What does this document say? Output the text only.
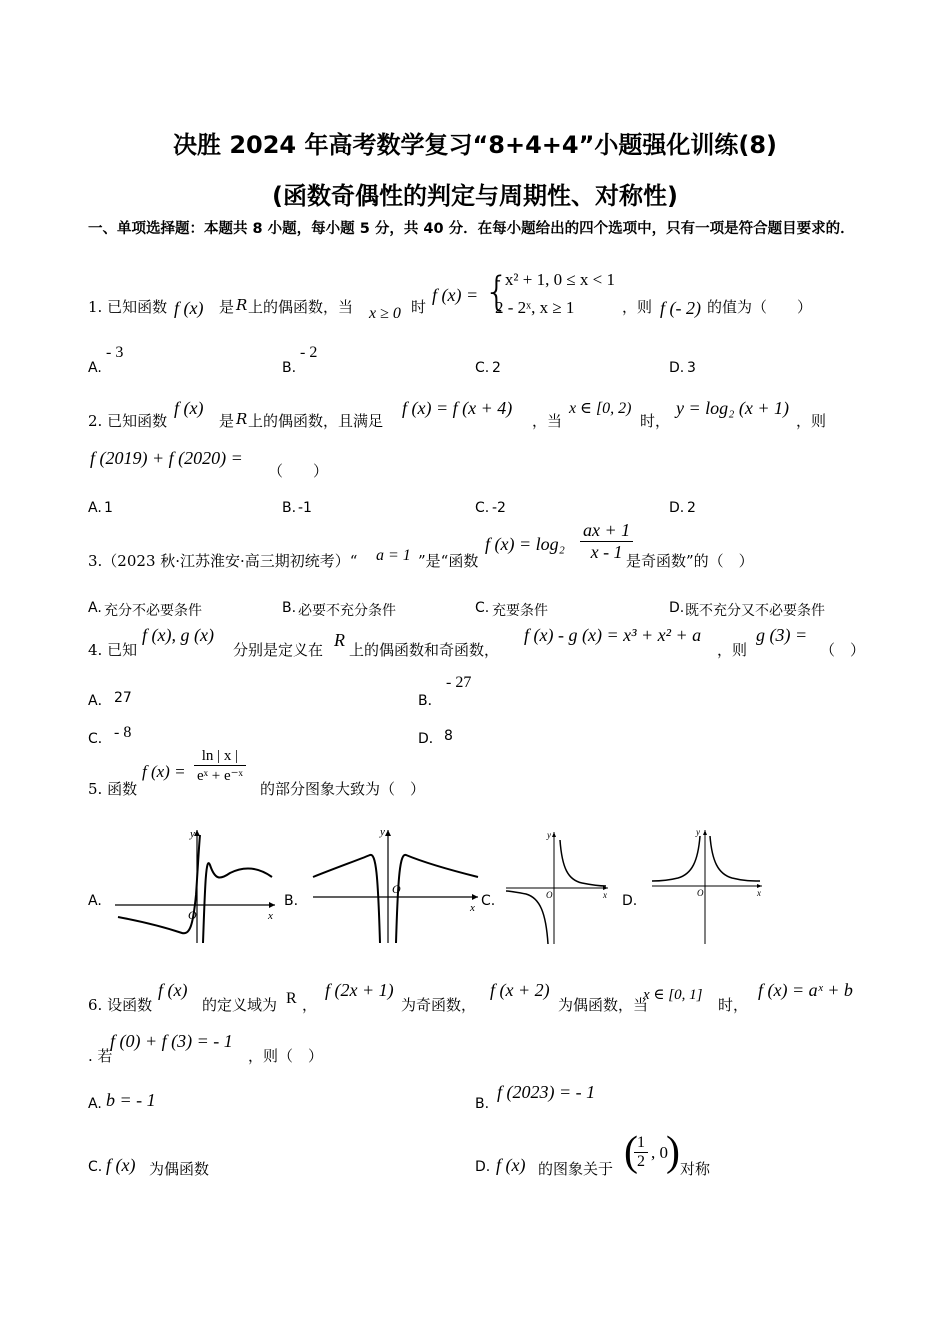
决胜 2024 年高考数学复习“8+4+4”小题强化训练(8)
(函数奇偶性的判定与周期性、对称性)
一、单项选择题：本题共 8 小题，每小题 5 分，共 40 分．在每小题给出的四个选项中，只有一项是符合题目要求的．
1. 已知函数 f (x) 是 R 上的偶函数，当 x ≥ 0 时
f (x) = {
- x² + 1, 0 ≤ x < 1
2 - 2ˣ, x ≥ 1	，则 f (- 2) 的值为（　　）
A.
- 3
B.
- 2
C. 2	D. 3
2. 已知函数
f (x)
是 R 上的偶函数，且满足
f (x) = f (x + 4)
，当
x ∈ [0, 2)
时，
y = log₂ (x + 1)
，则
f (2019) + f (2020) =
（　　）
A. 1	B. -1	C. -2	D. 2
3.（2023 秋·江苏淮安·高三期初统考）“ a = 1 ”是“函数
f $(x) = \log_2 \frac{ax + 1}{x - 1}$
是奇函数”的（　）
A. 充分不必要条件	B. 必要不充分条件	C. 充要条件	D. 既不充分又不必要条件
4. 已知
f (x), g (x)
分别是定义在 R 上的偶函数和奇函数，
f (x) - g (x) = x³ + x² + a
，则
g (3) =
（　）
A． 27	B．
- 27
C． - 8	D． 8
5. 函数
f $(x) = \frac{\ln | x |}{\text{eˣ + e⁻ˣ}}$
的部分图象大致为（　）
A.	B.	C.	D.
y
x
O
y
x
O
y
x
O
y
x
O
6. 设函数
f (x)
的定义域为 R ，
f (2x + 1)
为奇函数，
f (x + 2)
为偶函数，当
x ∈ [0, 1]
时，
f (x) = aˣ + b
. 若
f (0) + f (3) = - 1
，则（　）
A. b = - 1	B.
f (2023) = - 1
C. f (x) 为偶函数	D. f (x) 的图象关于 (
$\frac{1}{2}$ , 0
) 对称
